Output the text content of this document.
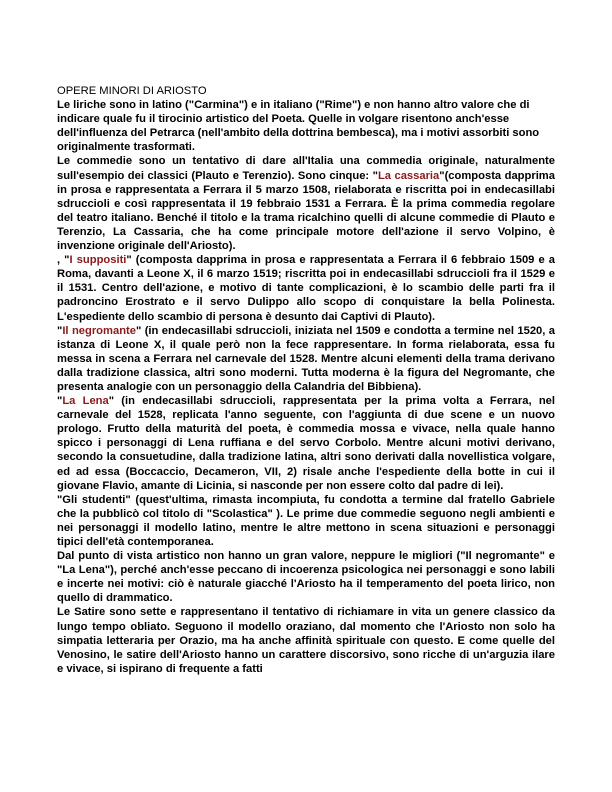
OPERE MINORI DI ARIOSTO

Le liriche sono in latino ("Carmina") e in italiano ("Rime") e non hanno altro valore che di indicare quale fu il tirocinio artistico del Poeta. Quelle in volgare risentono anch'esse dell'influenza del Petrarca (nell'ambito della dottrina bembesca), ma i motivi assorbiti sono originalmente trasformati.

Le commedie sono un tentativo di dare all'Italia una commedia originale, naturalmente sull'esempio dei classici (Plauto e Terenzio). Sono cinque: "La cassaria"(composta dapprima in prosa e rappresentata a Ferrara il 5 marzo 1508, rielaborata e riscritta poi in endecasillabi sdruccioli e così rappresentata il 19 febbraio 1531 a Ferrara. È la prima commedia regolare del teatro italiano. Benché il titolo e la trama ricalchino quelli di alcune commedie di Plauto e Terenzio, La Cassaria, che ha come principale motore dell'azione il servo Volpino, è invenzione originale dell'Ariosto).

, "I suppositi" (composta dapprima in prosa e rappresentata a Ferrara il 6 febbraio 1509 e a Roma, davanti a Leone X, il 6 marzo 1519; riscritta poi in endecasillabi sdruccioli fra il 1529 e il 1531. Centro dell'azione, e motivo di tante complicazioni, è lo scambio delle parti fra il padroncino Erostrato e il servo Dulippo allo scopo di conquistare la bella Polinesta. L'espediente dello scambio di persona è desunto dai Captivi di Plauto).

"Il negromante" (in endecasillabi sdruccioli, iniziata nel 1509 e condotta a termine nel 1520, a istanza di Leone X, il quale però non la fece rappresentare. In forma rielaborata, essa fu messa in scena a Ferrara nel carnevale del 1528. Mentre alcuni elementi della trama derivano dalla tradizione classica, altri sono moderni. Tutta moderna è la figura del Negromante, che presenta analogie con un personaggio della Calandria del Bibbiena).

"La Lena" (in endecasillabi sdruccioli, rappresentata per la prima volta a Ferrara, nel carnevale del 1528, replicata l'anno seguente, con l'aggiunta di due scene e un nuovo prologo. Frutto della maturità del poeta, è commedia mossa e vivace, nella quale hanno spicco i personaggi di Lena ruffiana e del servo Corbolo. Mentre alcuni motivi derivano, secondo la consuetudine, dalla tradizione latina, altri sono derivati dalla novellistica volgare, ed ad essa (Boccaccio, Decameron, VII, 2) risale anche l'espediente della botte in cui il giovane Flavio, amante di Licinia, si nasconde per non essere colto dal padre di lei).

"Gli studenti" (quest'ultima, rimasta incompiuta, fu condotta a termine dal fratello Gabriele che la pubblicò col titolo di "Scolastica" ). Le prime due commedie seguono negli ambienti e nei personaggi il modello latino, mentre le altre mettono in scena situazioni e personaggi tipici dell'età contemporanea.

Dal punto di vista artistico non hanno un gran valore, neppure le migliori ("Il negromante" e "La Lena"), perché anch'esse peccano di incoerenza psicologica nei personaggi e sono labili e incerte nei motivi: ciò è naturale giacché l'Ariosto ha il temperamento del poeta lirico, non quello di drammatico.

Le Satire sono sette e rappresentano il tentativo di richiamare in vita un genere classico da lungo tempo obliato. Seguono il modello oraziano, dal momento che l'Ariosto non solo ha simpatia letteraria per Orazio, ma ha anche affinità spirituale con questo. E come quelle del Venosino, le satire dell'Ariosto hanno un carattere discorsivo, sono ricche di un'arguzia ilare e vivace, si ispirano di frequente a fatti
